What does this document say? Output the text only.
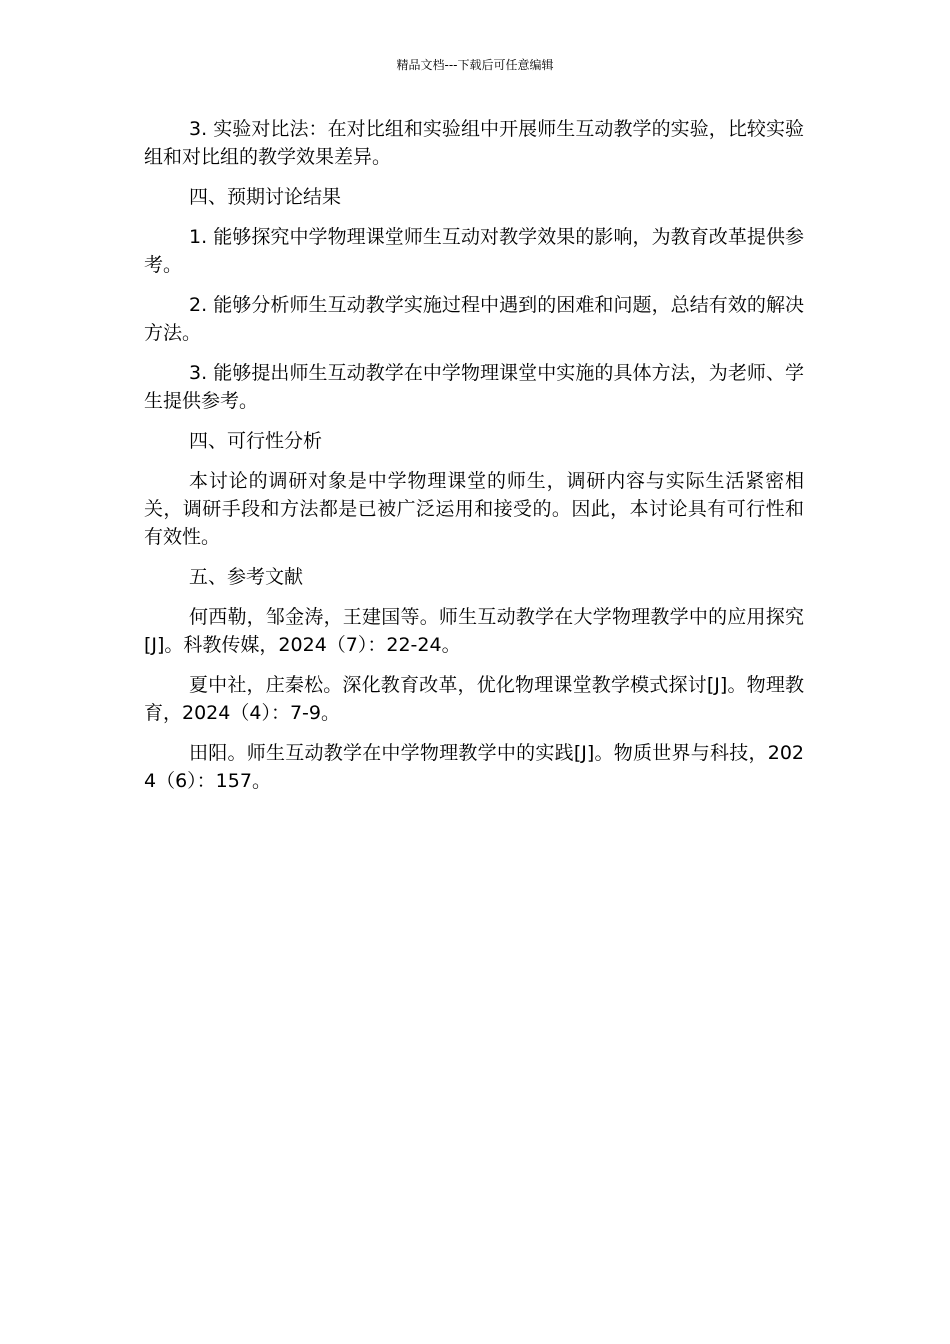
精品文档---下载后可任意编辑

3. 实验对比法：在对比组和实验组中开展师生互动教学的实验，比较实验组和对比组的教学效果差异。

四、预期讨论结果

1. 能够探究中学物理课堂师生互动对教学效果的影响，为教育改革提供参考。

2. 能够分析师生互动教学实施过程中遇到的困难和问题，总结有效的解决方法。

3. 能够提出师生互动教学在中学物理课堂中实施的具体方法，为老师、学生提供参考。

四、可行性分析

本讨论的调研对象是中学物理课堂的师生，调研内容与实际生活紧密相关，调研手段和方法都是已被广泛运用和接受的。因此，本讨论具有可行性和有效性。

五、参考文献

何西勒，邹金涛，王建国等。师生互动教学在大学物理教学中的应用探究[J]。科教传媒，2024（7）：22-24。

夏中社，庄秦松。深化教育改革，优化物理课堂教学模式探讨[J]。物理教育，2024（4）：7-9。

田阳。师生互动教学在中学物理教学中的实践[J]。物质世界与科技，2024（6）：157。
